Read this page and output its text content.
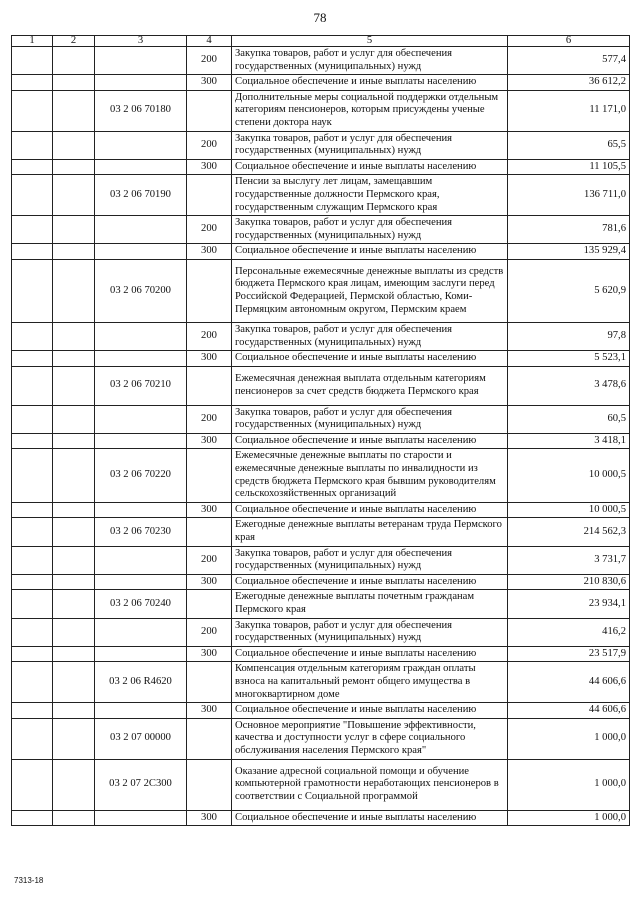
78
1	2	3	4	5	6
			200	Закупка товаров, работ и услуг для обеспечения государственных (муниципальных) нужд	577,4
			300	Социальное обеспечение и иные выплаты населению	36 612,2
		03 2 06 70180		Дополнительные меры социальной поддержки отдельным категориям пенсионеров, которым присуждены ученые степени доктора наук	11 171,0
			200	Закупка товаров, работ и услуг для обеспечения государственных (муниципальных) нужд	65,5
			300	Социальное обеспечение и иные выплаты населению	11 105,5
		03 2 06 70190		Пенсии за выслугу лет лицам, замещавшим государственные должности Пермского края, государственным служащим Пермского края	136 711,0
			200	Закупка товаров, работ и услуг для обеспечения государственных (муниципальных) нужд	781,6
			300	Социальное обеспечение и иные выплаты населению	135 929,4
		03 2 06 70200		Персональные ежемесячные денежные выплаты из средств бюджета Пермского края лицам, имеющим заслуги перед Российской Федерацией, Пермской областью, Коми-Пермяцким автономным округом, Пермским краем	5 620,9
			200	Закупка товаров, работ и услуг для обеспечения государственных (муниципальных) нужд	97,8
			300	Социальное обеспечение и иные выплаты населению	5 523,1
		03 2 06 70210		Ежемесячная денежная выплата отдельным категориям пенсионеров за счет средств бюджета Пермского края	3 478,6
			200	Закупка товаров, работ и услуг для обеспечения государственных (муниципальных) нужд	60,5
			300	Социальное обеспечение и иные выплаты населению	3 418,1
		03 2 06 70220		Ежемесячные денежные выплаты по старости и ежемесячные денежные выплаты по инвалидности из средств бюджета Пермского края бывшим руководителям сельскохозяйственных организаций	10 000,5
			300	Социальное обеспечение и иные выплаты населению	10 000,5
		03 2 06 70230		Ежегодные денежные выплаты ветеранам труда Пермского края	214 562,3
			200	Закупка товаров, работ и услуг для обеспечения государственных (муниципальных) нужд	3 731,7
			300	Социальное обеспечение и иные выплаты населению	210 830,6
		03 2 06 70240		Ежегодные денежные выплаты почетным гражданам Пермского края	23 934,1
			200	Закупка товаров, работ и услуг для обеспечения государственных (муниципальных) нужд	416,2
			300	Социальное обеспечение и иные выплаты населению	23 517,9
		03 2 06 R4620		Компенсация отдельным категориям граждан оплаты взноса на капитальный ремонт общего имущества в многоквартирном доме	44 606,6
			300	Социальное обеспечение и иные выплаты населению	44 606,6
		03 2 07 00000		Основное мероприятие "Повышение эффективности, качества и доступности услуг в сфере социального обслуживания населения Пермского края"	1 000,0
		03 2 07 2С300		Оказание адресной социальной помощи и обучение компьютерной грамотности неработающих пенсионеров в соответствии с Социальной программой	1 000,0
			300	Социальное обеспечение и иные выплаты населению	1 000,0
7313-18
